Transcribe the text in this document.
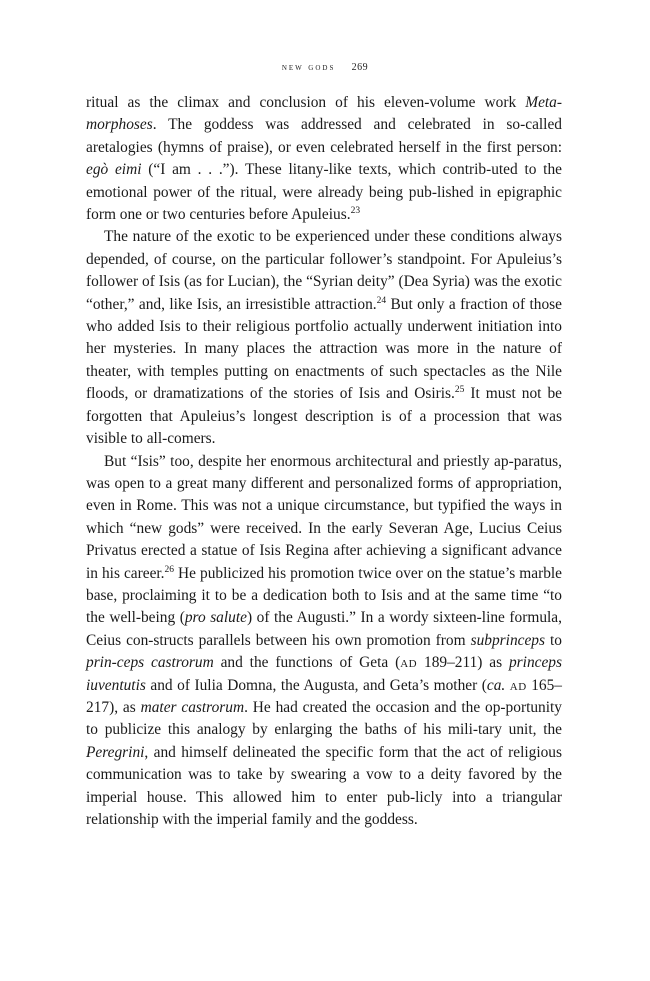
new gods 269

ritual as the climax and conclusion of his eleven-volume work Meta-morphoses. The goddess was addressed and celebrated in so-called aretalogies (hymns of praise), or even celebrated herself in the first person: egò eimi (“I am . . .”). These litany-like texts, which contrib-uted to the emotional power of the ritual, were already being pub-lished in epigraphic form one or two centuries before Apuleius.$^{23}$

The nature of the exotic to be experienced under these conditions always depended, of course, on the particular follower’s standpoint. For Apuleius’s follower of Isis (as for Lucian), the “Syrian deity” (Dea Syria) was the exotic “other,” and, like Isis, an irresistible attraction.$^{24}$ But only a fraction of those who added Isis to their religious portfolio actually underwent initiation into her mysteries. In many places the attraction was more in the nature of theater, with temples putting on enactments of such spectacles as the Nile floods, or dramatizations of the stories of Isis and Osiris.$^{25}$ It must not be forgotten that Apuleius’s longest description is of a procession that was visible to all-comers.

But “Isis” too, despite her enormous architectural and priestly ap-paratus, was open to a great many different and personalized forms of appropriation, even in Rome. This was not a unique circumstance, but typified the ways in which “new gods” were received. In the early Severan Age, Lucius Ceius Privatus erected a statue of Isis Regina after achieving a significant advance in his career.$^{26}$ He publicized his promotion twice over on the statue’s marble base, proclaiming it to be a dedication both to Isis and at the same time “to the well-being (pro salute) of the Augusti.” In a wordy sixteen-line formula, Ceius con-structs parallels between his own promotion from subprinceps to prin-ceps castrorum and the functions of Geta (ad 189–211) as princeps iuventutis and of Iulia Domna, the Augusta, and Geta’s mother (ca. ad 165–217), as mater castrorum. He had created the occasion and the op-portunity to publicize this analogy by enlarging the baths of his mili-tary unit, the Peregrini, and himself delineated the specific form that the act of religious communication was to take by swearing a vow to a deity favored by the imperial house. This allowed him to enter pub-licly into a triangular relationship with the imperial family and the goddess.
